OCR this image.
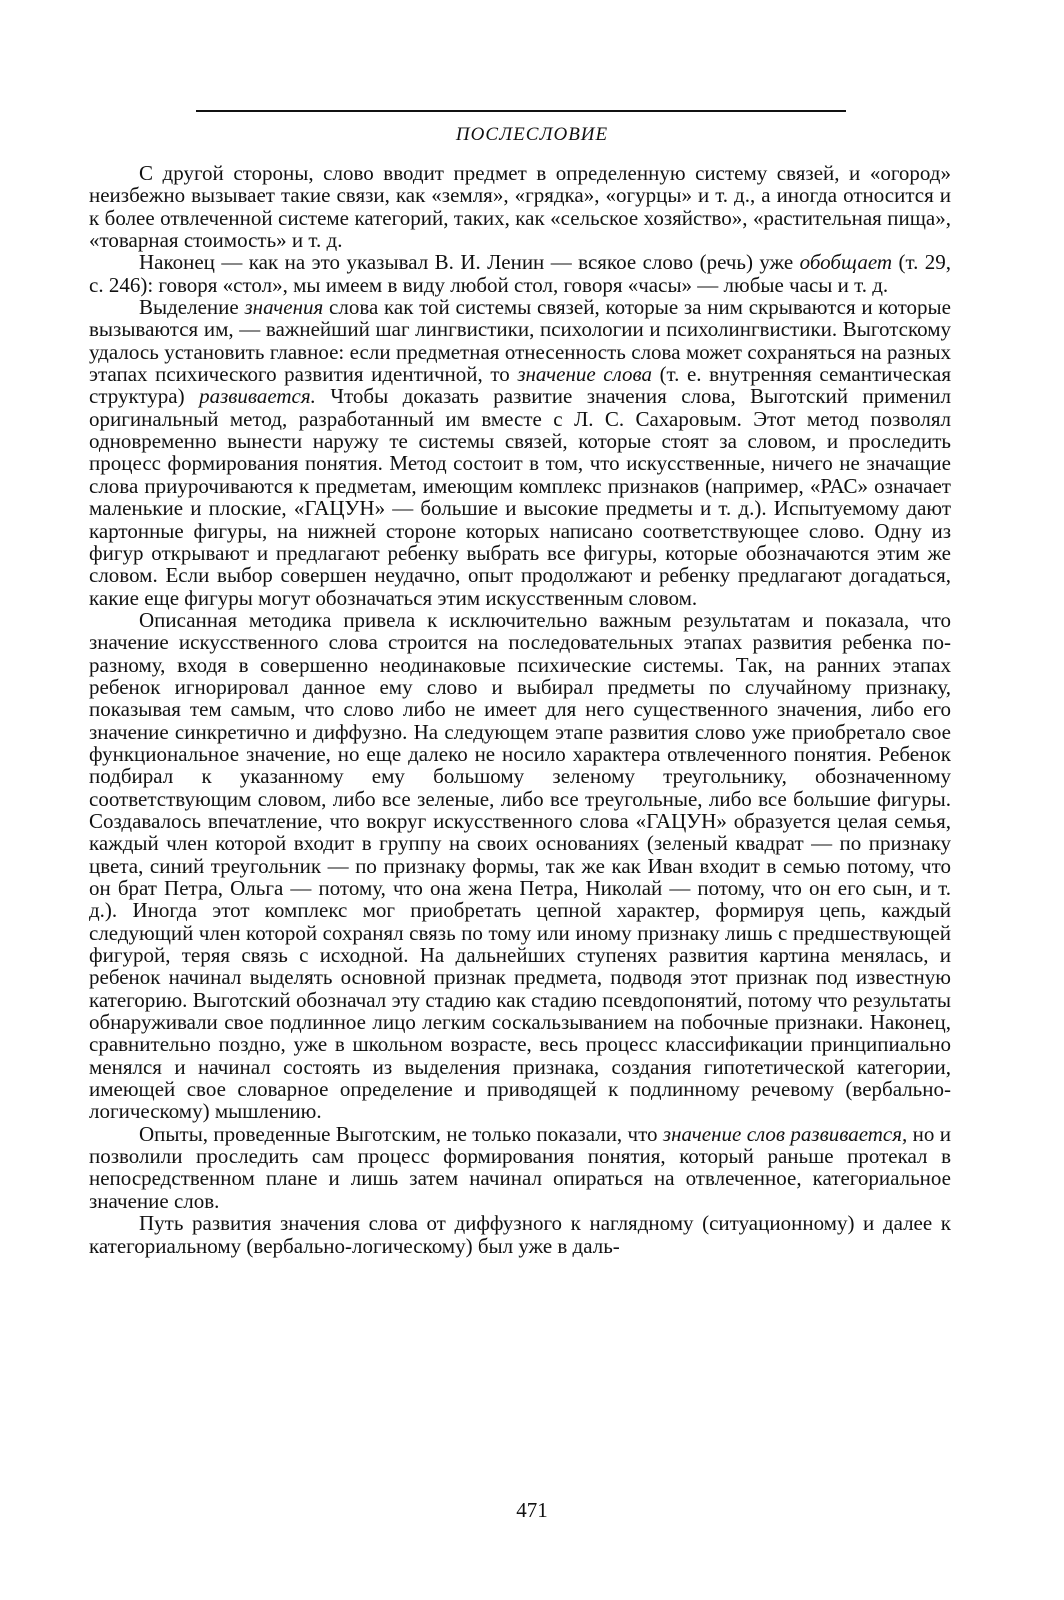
ПОСЛЕСЛОВИЕ

С другой стороны, слово вводит предмет в определенную систему связей, и «огород» неизбежно вызывает такие связи, как «земля», «грядка», «огурцы» и т. д., а иногда относится и к более отвлеченной системе категорий, таких, как «сельское хозяйство», «растительная пища», «товарная стоимость» и т. д.

Наконец — как на это указывал В. И. Ленин — всякое слово (речь) уже обобщает (т. 29, с. 246): говоря «стол», мы имеем в виду любой стол, говоря «часы» — любые часы и т. д.

Выделение значения слова как той системы связей, которые за ним скрываются и которые вызываются им, — важнейший шаг лингвистики, психологии и психолингвистики. Выготскому удалось установить главное: если предметная отнесенность слова может сохраняться на разных этапах психического развития идентичной, то значение слова (т. е. внутренняя семантическая структура) развивается. Чтобы доказать развитие значения слова, Выготский применил оригинальный метод, разработанный им вместе с Л. С. Сахаровым. Этот метод позволял одновременно вынести наружу те системы связей, которые стоят за словом, и проследить процесс формирования понятия. Метод состоит в том, что искусственные, ничего не значащие слова приурочиваются к предметам, имеющим комплекс признаков (например, «РАС» означает маленькие и плоские, «ГАЦУН» — большие и высокие предметы и т. д.). Испытуемому дают картонные фигуры, на нижней стороне которых написано соответствующее слово. Одну из фигур открывают и предлагают ребенку выбрать все фигуры, которые обозначаются этим же словом. Если выбор совершен неудачно, опыт продолжают и ребенку предлагают догадаться, какие еще фигуры могут обозначаться этим искусственным словом.

Описанная методика привела к исключительно важным результатам и показала, что значение искусственного слова строится на последовательных этапах развития ребенка по-разному, входя в совершенно неодинаковые психические системы. Так, на ранних этапах ребенок игнорировал данное ему слово и выбирал предметы по случайному признаку, показывая тем самым, что слово либо не имеет для него существенного значения, либо его значение синкретично и диффузно. На следующем этапе развития слово уже приобретало свое функциональное значение, но еще далеко не носило характера отвлеченного понятия. Ребенок подбирал к указанному ему большому зеленому треугольнику, обозначенному соответствующим словом, либо все зеленые, либо все треугольные, либо все большие фигуры. Создавалось впечатление, что вокруг искусственного слова «ГАЦУН» образуется целая семья, каждый член которой входит в группу на своих основаниях (зеленый квадрат — по признаку цвета, синий треугольник — по признаку формы, так же как Иван входит в семью потому, что он брат Петра, Ольга — потому, что она жена Петра, Николай — потому, что он его сын, и т. д.). Иногда этот комплекс мог приобретать цепной характер, формируя цепь, каждый следующий член которой сохранял связь по тому или иному признаку лишь с предшествующей фигурой, теряя связь с исходной. На дальнейших ступенях развития картина менялась, и ребенок начинал выделять основной признак предмета, подводя этот признак под известную категорию. Выготский обозначал эту стадию как стадию псевдопонятий, потому что результаты обнаруживали свое подлинное лицо легким соскальзыванием на побочные признаки. Наконец, сравнительно поздно, уже в школьном возрасте, весь процесс классификации принципиально менялся и начинал состоять из выделения признака, создания гипотетической категории, имеющей свое словарное определение и приводящей к подлинному речевому (вербально-логическому) мышлению.

Опыты, проведенные Выготским, не только показали, что значение слов развивается, но и позволили проследить сам процесс формирования понятия, который раньше протекал в непосредственном плане и лишь затем начинал опираться на отвлеченное, категориальное значение слов.

Путь развития значения слова от диффузного к наглядному (ситуационному) и далее к категориальному (вербально-логическому) был уже в даль-

471
